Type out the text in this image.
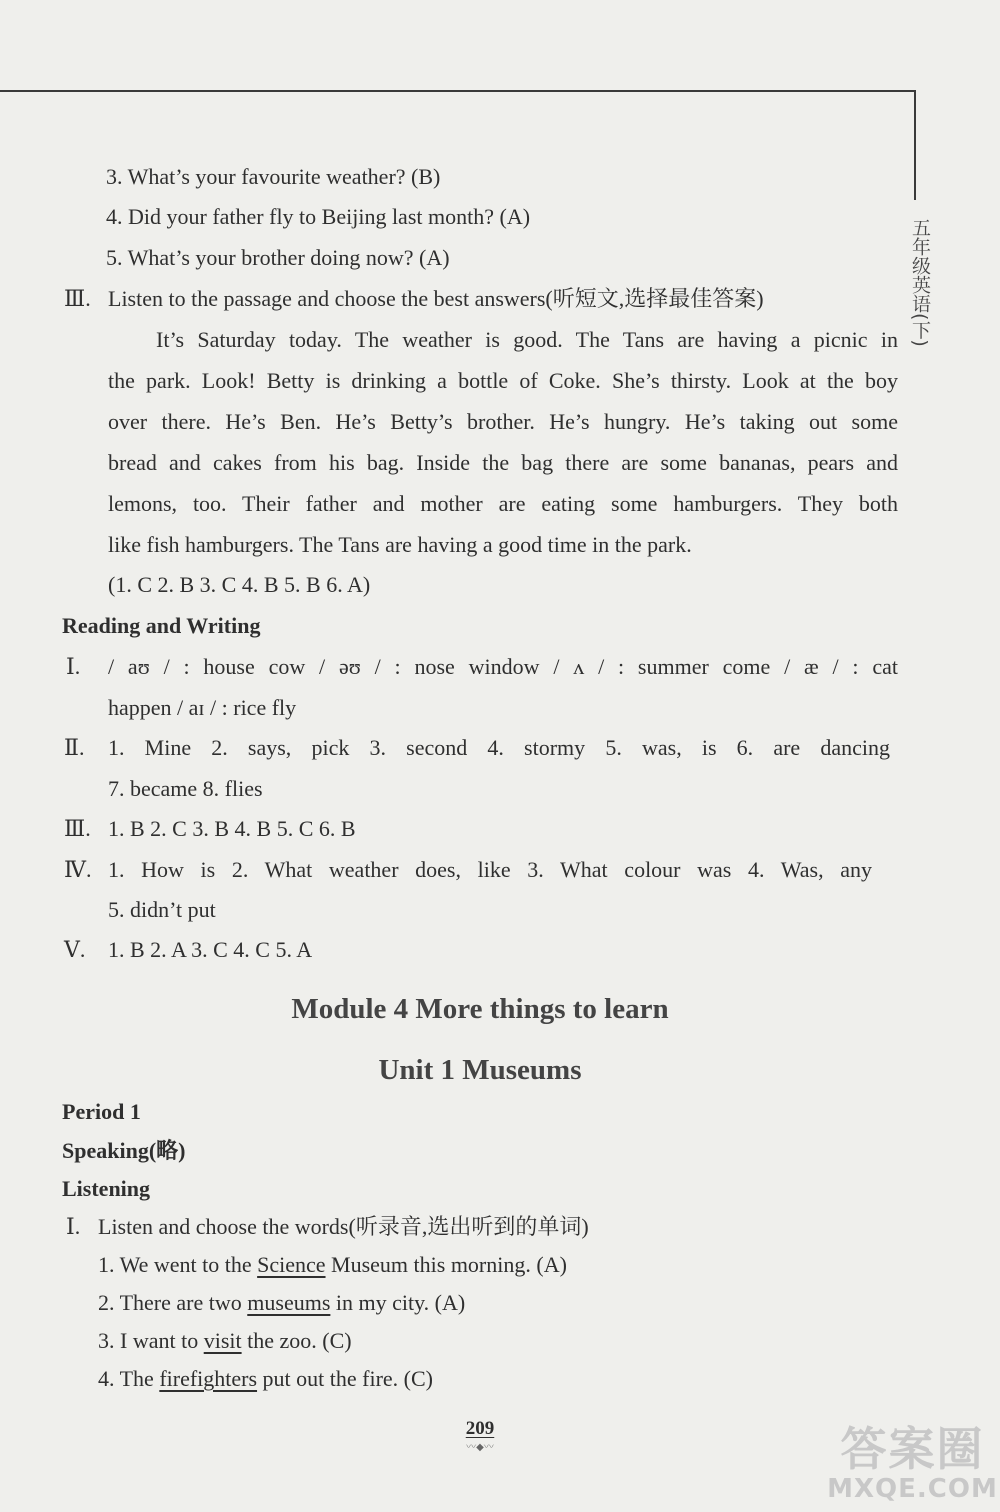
五年级英语(下)
3. What’s your favourite weather? (B)
4. Did your father fly to Beijing last month? (A)
5. What’s your brother doing now? (A)
Ⅲ. Listen to the passage and choose the best answers(听短文,选择最佳答案)
It’s Saturday today. The weather is good. The Tans are having a picnic in
the park. Look! Betty is drinking a bottle of Coke. She’s thirsty. Look at the boy
over there. He’s Ben. He’s Betty’s brother. He’s hungry. He’s taking out some
bread and cakes from his bag. Inside the bag there are some bananas, pears and
lemons, too. Their father and mother are eating some hamburgers. They both
like fish hamburgers. The Tans are having a good time in the park.
(1. C 2. B 3. C 4. B 5. B 6. A)
Reading and Writing
Ⅰ. / aʊ / : house cow / əʊ / : nose window / ʌ / : summer come / æ / : cat
happen / aɪ / : rice fly
Ⅱ. 1. Mine 2. says, pick 3. second 4. stormy 5. was, is 6. are dancing
7. became 8. flies
Ⅲ. 1. B 2. C 3. B 4. B 5. C 6. B
Ⅳ. 1. How is 2. What weather does, like 3. What colour was 4. Was, any
5. didn’t put
Ⅴ. 1. B 2. A 3. C 4. C 5. A
Module 4 More things to learn
Unit 1 Museums
Period 1
Speaking(略)
Listening
Ⅰ. Listen and choose the words(听录音,选出听到的单词)
1. We went to the Science Museum this morning. (A)
2. There are two museums in my city. (A)
3. I want to visit the zoo. (C)
4. The firefighters put out the fire. (C)
209
〰◆〰	答案圈
MXQE.COM
